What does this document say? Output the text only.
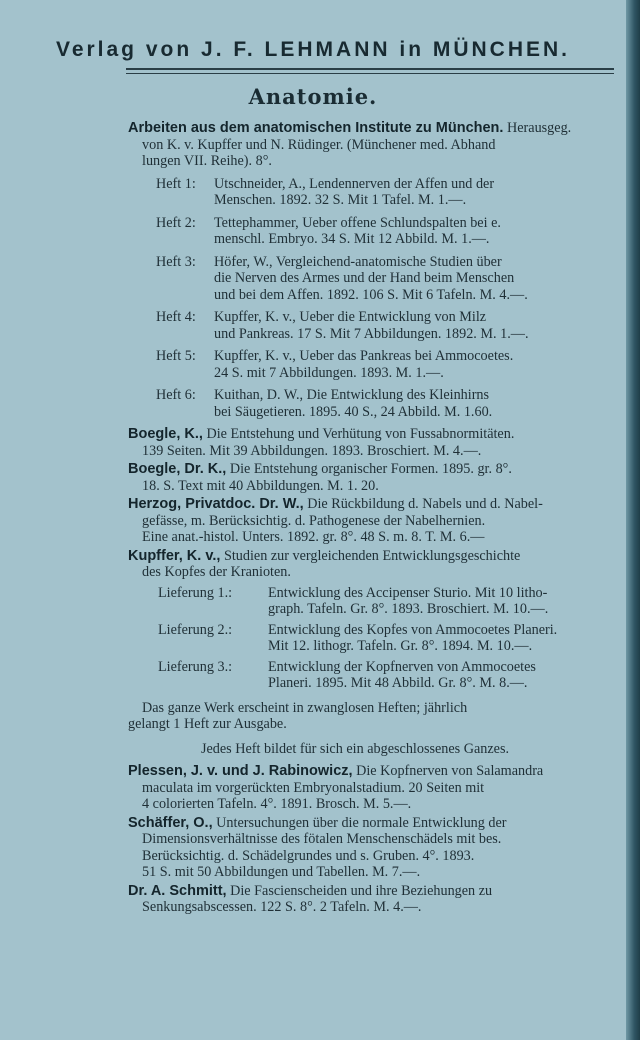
Verlag von J. F. LEHMANN in MÜNCHEN.
Anatomie.
Arbeiten aus dem anatomischen Institute zu München. Herausgeg.
von K. v. Kupffer und N. Rüdinger. (Münchener med. Abhand
lungen VII. Reihe). 8°.
Heft 1:	Utschneider, A., Lendennerven der Affen und der
Menschen. 1892. 32 S. Mit 1 Tafel. M. 1.—.
Heft 2:	Tettephammer, Ueber offene Schlundspalten bei e.
menschl. Embryo. 34 S. Mit 12 Abbild. M. 1.—.
Heft 3:	Höfer, W., Vergleichend-anatomische Studien über
die Nerven des Armes und der Hand beim Menschen
und bei dem Affen. 1892. 106 S. Mit 6 Tafeln. M. 4.—.
Heft 4:	Kupffer, K. v., Ueber die Entwicklung von Milz
und Pankreas. 17 S. Mit 7 Abbildungen. 1892. M. 1.—.
Heft 5:	Kupffer, K. v., Ueber das Pankreas bei Ammocoetes.
24 S. mit 7 Abbildungen. 1893. M. 1.—.
Heft 6:	Kuithan, D. W., Die Entwicklung des Kleinhirns
bei Säugetieren. 1895. 40 S., 24 Abbild. M. 1.60.
Boegle, K., Die Entstehung und Verhütung von Fussabnormitäten.
139 Seiten. Mit 39 Abbildungen. 1893. Broschiert. M. 4.—.
Boegle, Dr. K., Die Entstehung organischer Formen. 1895. gr. 8°.
18. S. Text mit 40 Abbildungen. M. 1. 20.
Herzog, Privatdoc. Dr. W., Die Rückbildung d. Nabels und d. Nabel-
gefässe, m. Berücksichtig. d. Pathogenese der Nabelhernien.
Eine anat.-histol. Unters. 1892. gr. 8°. 48 S. m. 8. T. M. 6.—
Kupffer, K. v., Studien zur vergleichenden Entwicklungsgeschichte
des Kopfes der Kranioten.
Lieferung 1.:	Entwicklung des Accipenser Sturio. Mit 10 litho-
graph. Tafeln. Gr. 8°. 1893. Broschiert. M. 10.—.
Lieferung 2.:	Entwicklung des Kopfes von Ammocoetes Planeri.
Mit 12. lithogr. Tafeln. Gr. 8°. 1894. M. 10.—.
Lieferung 3.:	Entwicklung der Kopfnerven von Ammocoetes
Planeri. 1895. Mit 48 Abbild. Gr. 8°. M. 8.—.
Das ganze Werk erscheint in zwanglosen Heften; jährlich
gelangt 1 Heft zur Ausgabe.
Jedes Heft bildet für sich ein abgeschlossenes Ganzes.
Plessen, J. v. und J. Rabinowicz, Die Kopfnerven von Salamandra
maculata im vorgerückten Embryonalstadium. 20 Seiten mit
4 colorierten Tafeln. 4°. 1891. Brosch. M. 5.—.
Schäffer, O., Untersuchungen über die normale Entwicklung der
Dimensionsverhältnisse des fötalen Menschenschädels mit bes.
Berücksichtig. d. Schädelgrundes und s. Gruben. 4°. 1893.
51 S. mit 50 Abbildungen und Tabellen. M. 7.—.
Dr. A. Schmitt, Die Fascienscheiden und ihre Beziehungen zu
Senkungsabscessen. 122 S. 8°. 2 Tafeln. M. 4.—.
